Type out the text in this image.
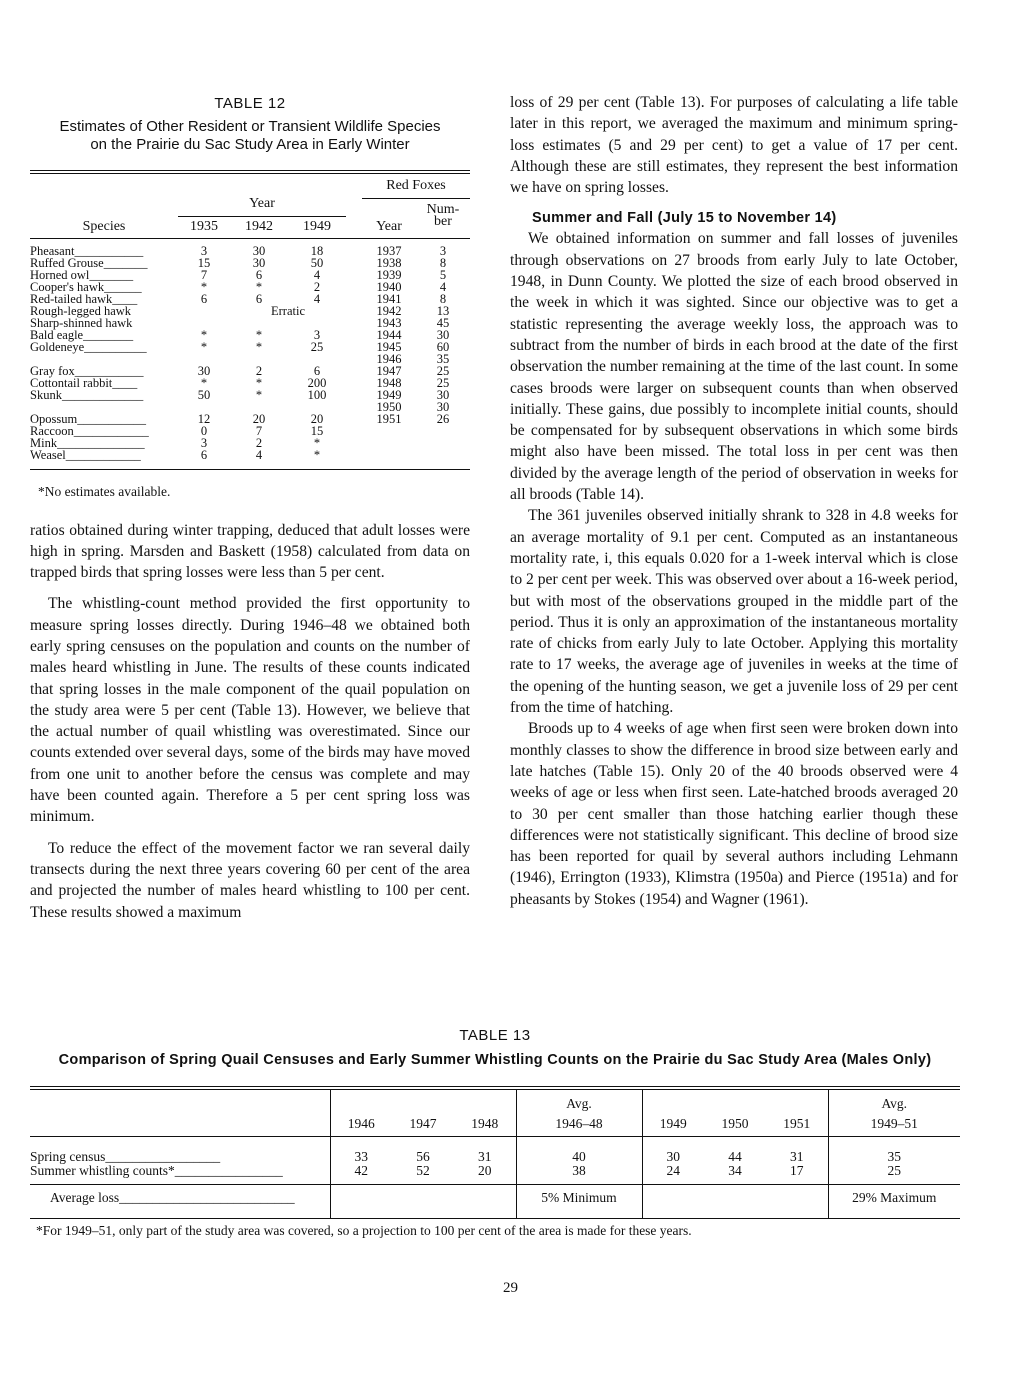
TABLE 12
Estimates of Other Resident or Transient Wildlife Species
on the Prairie du Sac Study Area in Early Winter
					Red Foxes	
	Year					Num-
Species	1935	1942	1949		Year	ber

Pheasant___________	3	30	18		1937	3
Ruffed Grouse_______	15	30	50		1938	8
Horned owl_______	7	6	4		1939	5
Cooper's hawk______	*	*	2		1940	4
Red-tailed hawk____	6	6	4		1941	8
Rough-legged hawk		Erratic			1942	13
Sharp-shinned hawk					1943	45
Bald eagle________	*	*	3		1944	30
Goldeneye__________	*	*	25		1945	60
					1946	35
Gray fox___________	30	2	6		1947	25
Cottontail rabbit____	*	*	200		1948	25
Skunk_____________	50	*	100		1949	30
					1950	30
Opossum___________	12	20	20		1951	26
Raccoon____________	0	7	15			
Mink______________	3	2	*			
Weasel____________	6	4	*			
*No estimates available.

ratios obtained during winter trapping, deduced that adult losses were high in spring. Marsden and Baskett (1958) calculated from data on trapped birds that spring losses were less than 5 per cent.

The whistling-count method provided the first opportunity to measure spring losses directly. During 1946–48 we obtained both early spring censuses on the population and counts on the number of males heard whistling in June. The results of these counts indicated that spring losses in the male component of the quail population on the study area were 5 per cent (Table 13). However, we believe that the actual number of quail whistling was overestimated. Since our counts extended over several days, some of the birds may have moved from one unit to another before the census was complete and may have been counted again. Therefore a 5 per cent spring loss was minimum.

To reduce the effect of the movement factor we ran several daily transects during the next three years covering 60 per cent of the area and projected the number of males heard whistling to 100 per cent. These results showed a maximum

loss of 29 per cent (Table 13). For purposes of calculating a life table later in this report, we averaged the maximum and minimum spring-loss estimates (5 and 29 per cent) to get a value of 17 per cent. Although these are still estimates, they represent the best information we have on spring losses.

Summer and Fall (July 15 to November 14)

We obtained information on summer and fall losses of juveniles through observations on 27 broods from early July to late October, 1948, in Dunn County. We plotted the size of each brood observed in the week in which it was sighted. Since our objective was to get a statistic representing the average weekly loss, the approach was to subtract from the number of birds in each brood at the date of the first observation the number remaining at the time of the last count. In some cases broods were larger on subsequent counts than when observed initially. These gains, due possibly to incomplete initial counts, should be compensated for by subsequent observations in which some birds might also have been missed. The total loss in per cent was then divided by the average length of the period of observation in weeks for all broods (Table 14).

The 361 juveniles observed initially shrank to 328 in 4.8 weeks for an average mortality of 9.1 per cent. Computed as an instantaneous mortality rate, i, this equals 0.020 for a 1-week interval which is close to 2 per cent per week. This was observed over about a 16-week period, but with most of the observations grouped in the middle part of the period. Thus it is only an approximation of the instantaneous mortality rate of chicks from early July to late October. Applying this mortality rate to 17 weeks, the average age of juveniles in weeks at the time of the opening of the hunting season, we get a juvenile loss of 29 per cent from the time of hatching.

Broods up to 4 weeks of age when first seen were broken down into monthly classes to show the difference in brood size between early and late hatches (Table 15). Only 20 of the 40 broods observed were 4 weeks of age or less when first seen. Late-hatched broods averaged 20 to 30 per cent smaller than those hatching earlier though these differences were not statistically significant. This decline of brood size has been reported for quail by several authors including Lehmann (1946), Errington (1933), Klimstra (1950a) and Pierce (1951a) and for pheasants by Stokes (1954) and Wagner (1961).

TABLE 13
Comparison of Spring Quail Censuses and Early Summer Whistling Counts on the Prairie du Sac Study Area (Males Only)
				Avg.				Avg.
	1946	1947	1948	1946–48	1949	1950	1951	1949–51

Spring census_________________	33	56	31	40	30	44	31	35
Summer whistling counts*________________	42	52	20	38	24	34	17	25

Average loss__________________________				5% Minimum				29% Maximum

*For 1949–51, only part of the study area was covered, so a projection to 100 per cent of the area is made for these years.
29
